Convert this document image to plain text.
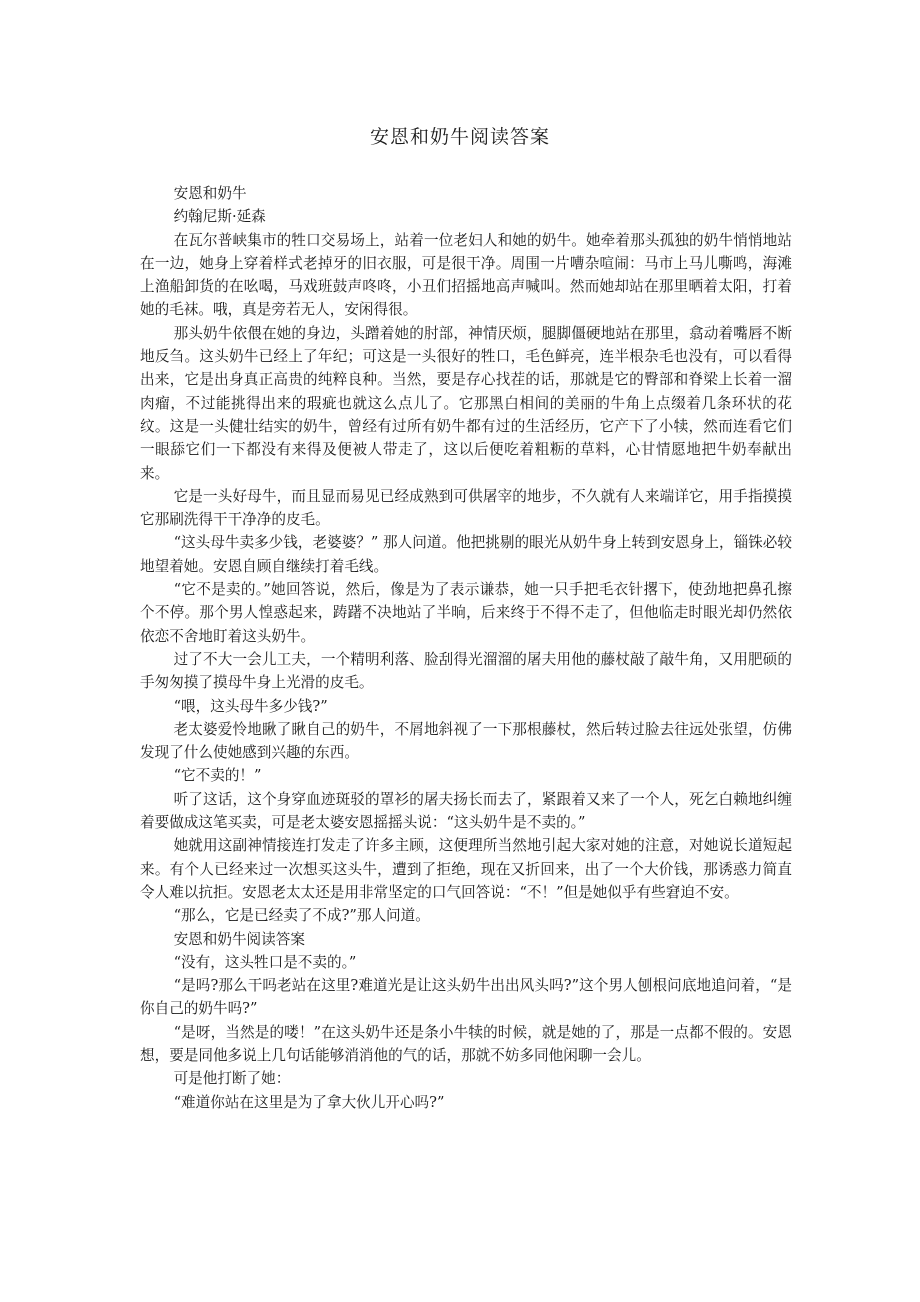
安恩和奶牛阅读答案

安恩和奶牛

约翰尼斯·延森

在瓦尔普峡集市的牲口交易场上，站着一位老妇人和她的奶牛。她牵着那头孤独的奶牛悄悄地站在一边，她身上穿着样式老掉牙的旧衣服，可是很干净。周围一片嘈杂喧闹：马市上马儿嘶鸣，海滩上渔船卸货的在吆喝，马戏班鼓声咚咚，小丑们招摇地高声喊叫。然而她却站在那里晒着太阳，打着她的毛袜。哦，真是旁若无人，安闲得很。

那头奶牛依偎在她的身边，头蹭着她的肘部，神情厌烦，腿脚僵硬地站在那里，翕动着嘴唇不断地反刍。这头奶牛已经上了年纪；可这是一头很好的牲口，毛色鲜亮，连半根杂毛也没有，可以看得出来，它是出身真正高贵的纯粹良种。当然，要是存心找茬的话，那就是它的臀部和脊梁上长着一溜肉瘤，不过能挑得出来的瑕疵也就这么点儿了。它那黑白相间的美丽的牛角上点缀着几条环状的花纹。这是一头健壮结实的奶牛，曾经有过所有奶牛都有过的生活经历，它产下了小犊，然而连看它们一眼舔它们一下都没有来得及便被人带走了，这以后便吃着粗粝的草料，心甘情愿地把牛奶奉献出来。

它是一头好母牛，而且显而易见已经成熟到可供屠宰的地步，不久就有人来端详它，用手指摸摸它那刷洗得干干净净的皮毛。

“这头母牛卖多少钱，老婆婆？” 那人问道。他把挑剔的眼光从奶牛身上转到安恩身上，锱铢必较地望着她。安恩自顾自继续打着毛线。

“它不是卖的。”她回答说，然后，像是为了表示谦恭，她一只手把毛衣针撂下，使劲地把鼻孔擦个不停。那个男人惶惑起来，踌躇不决地站了半晌，后来终于不得不走了，但他临走时眼光却仍然依依恋不舍地盯着这头奶牛。

过了不大一会儿工夫，一个精明利落、脸刮得光溜溜的屠夫用他的藤杖敲了敲牛角，又用肥硕的手匆匆摸了摸母牛身上光滑的皮毛。

“喂，这头母牛多少钱?”

老太婆爱怜地瞅了瞅自己的奶牛，不屑地斜视了一下那根藤杖，然后转过脸去往远处张望，仿佛发现了什么使她感到兴趣的东西。

“它不卖的！”

听了这话，这个身穿血迹斑驳的罩衫的屠夫扬长而去了，紧跟着又来了一个人，死乞白赖地纠缠着要做成这笔买卖，可是老太婆安恩摇摇头说：“这头奶牛是不卖的。”

她就用这副神情接连打发走了许多主顾，这便理所当然地引起大家对她的注意，对她说长道短起来。有个人已经来过一次想买这头牛，遭到了拒绝，现在又折回来，出了一个大价钱，那诱惑力简直令人难以抗拒。安恩老太太还是用非常坚定的口气回答说：“不！”但是她似乎有些窘迫不安。

“那么，它是已经卖了不成?”那人问道。

安恩和奶牛阅读答案

“没有，这头牲口是不卖的。”

“是吗?那么干吗老站在这里?难道光是让这头奶牛出出风头吗?”这个男人刨根问底地追问着，“是你自己的奶牛吗?”

“是呀，当然是的喽！”在这头奶牛还是条小牛犊的时候，就是她的了，那是一点都不假的。安恩想，要是同他多说上几句话能够消消他的气的话，那就不妨多同他闲聊一会儿。

可是他打断了她：

“难道你站在这里是为了拿大伙儿开心吗?”
